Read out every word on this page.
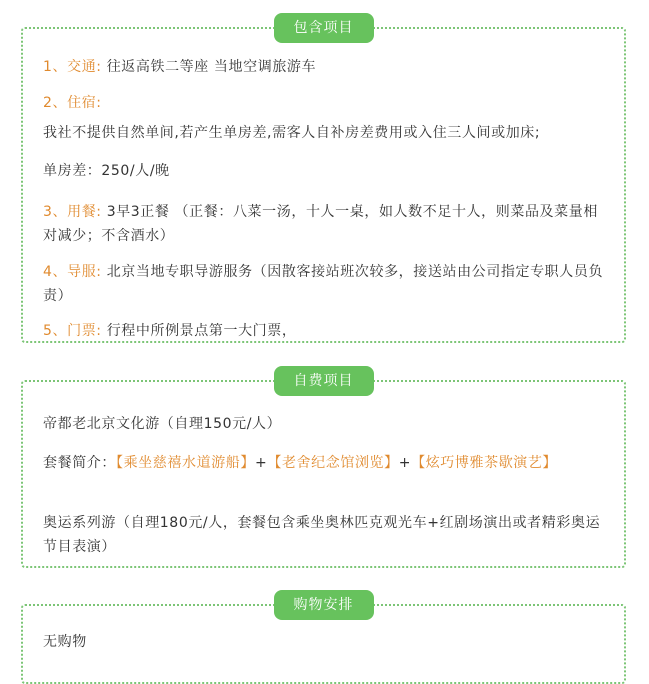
包含项目
1、交通: 往返高铁二等座 当地空调旅游车
2、住宿:
我社不提供自然单间,若产生单房差,需客人自补房差费用或入住三人间或加床;
单房差：250/人/晚
3、用餐: 3早3正餐 （正餐：八菜一汤，十人一桌，如人数不足十人，则菜品及菜量相对减少；不含酒水）
4、导服: 北京当地专职导游服务（因散客接站班次较多，接送站由公司指定专职人员负责）
5、门票: 行程中所例景点第一大门票，
自费项目
帝都老北京文化游（自理150元/人）
套餐简介：【乘坐慈禧水道游船】+【老舍纪念馆浏览】+【炫巧博雅茶歇演艺】
奥运系列游（自理180元/人，套餐包含乘坐奥林匹克观光车+红剧场演出或者精彩奥运节目表演）
购物安排
无购物
